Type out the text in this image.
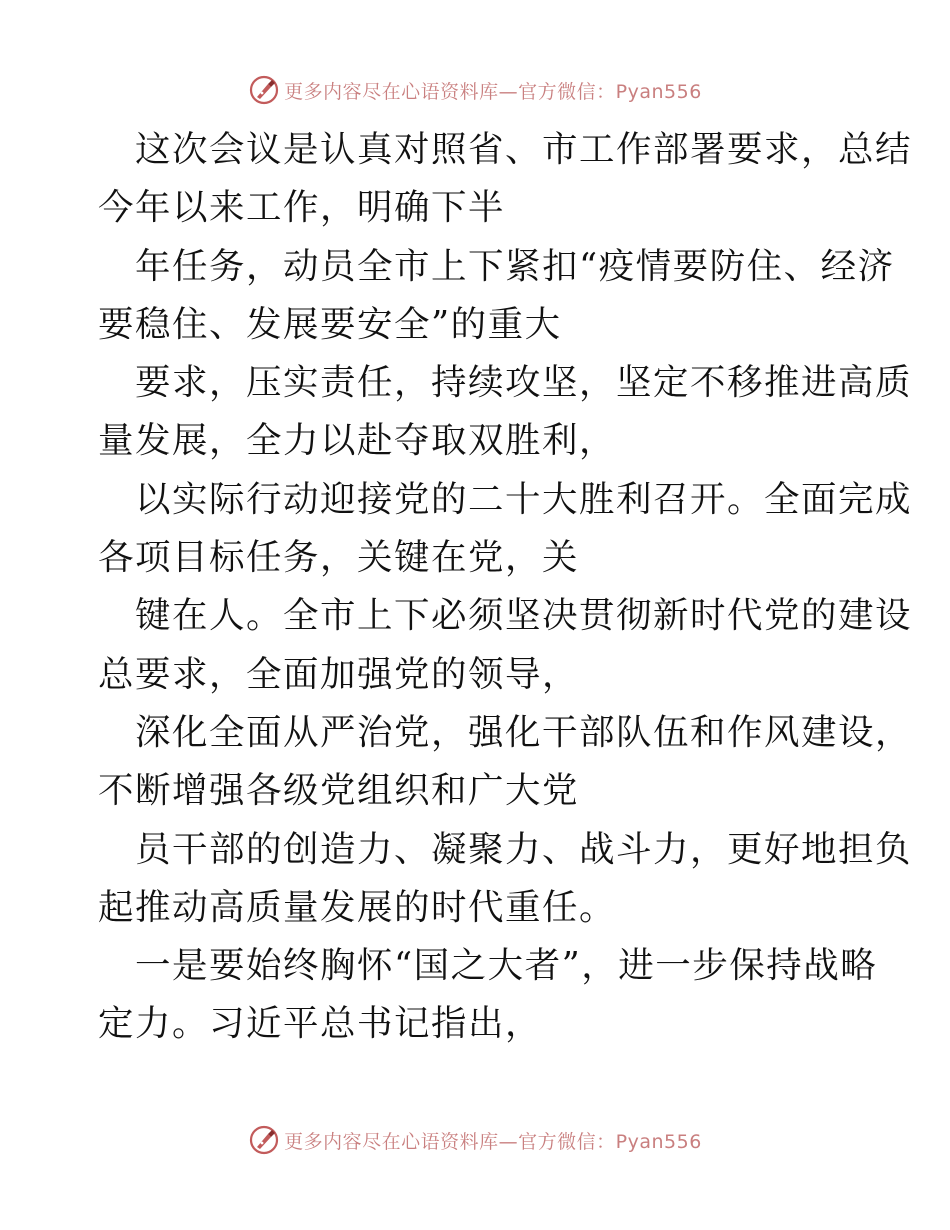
更多内容尽在心语资料库—官方微信：Pyan556
这次会议是认真对照省、市工作部署要求，总结
今年以来工作，明确下半
年任务，动员全市上下紧扣“疫情要防住、经济
要稳住、发展要安全”的重大
要求，压实责任，持续攻坚，坚定不移推进高质
量发展，全力以赴夺取双胜利，
以实际行动迎接党的二十大胜利召开。全面完成
各项目标任务，关键在党，关
键在人。全市上下必须坚决贯彻新时代党的建设
总要求，全面加强党的领导，
深化全面从严治党，强化干部队伍和作风建设，
不断增强各级党组织和广大党
员干部的创造力、凝聚力、战斗力，更好地担负
起推动高质量发展的时代重任。
一是要始终胸怀“国之大者”，进一步保持战略
定力。习近平总书记指出，
更多内容尽在心语资料库—官方微信：Pyan556
